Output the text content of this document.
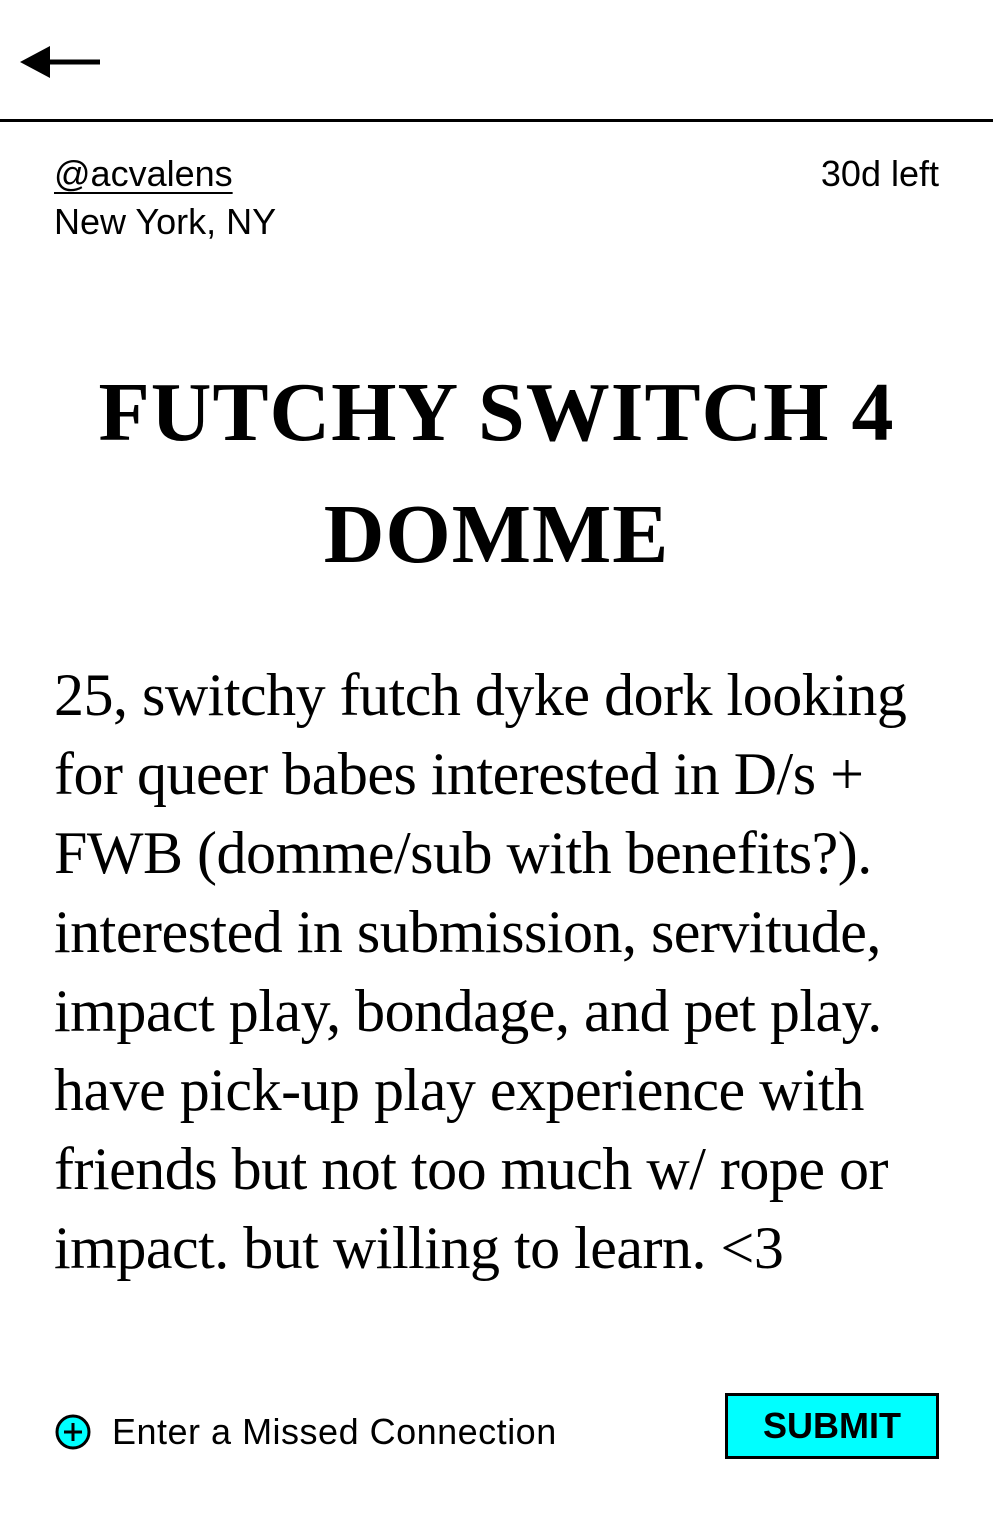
@acvalens
New York, NY
30d left
FUTCHY SWITCH 4
DOMME
25, switchy futch dyke dork looking for queer babes interested in D/s + FWB (domme/sub with benefits?). interested in submission, servitude, impact play, bondage, and pet play. have pick-up play experience with friends but not too much w/ rope or impact. but willing to learn. <3
Enter a Missed Connection	SUBMIT
